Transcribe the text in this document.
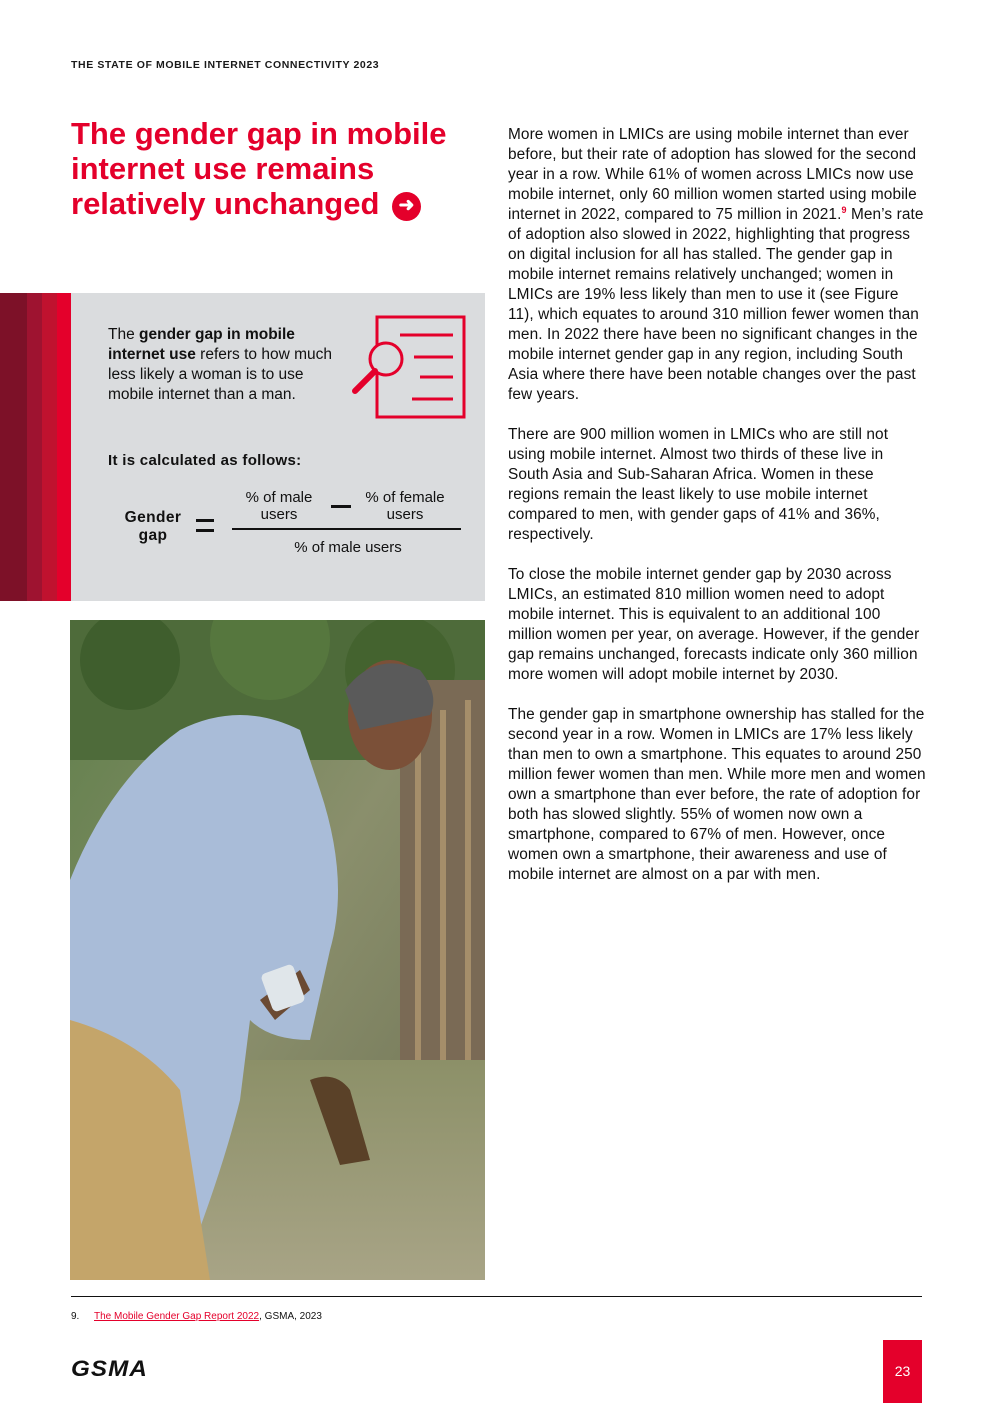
THE STATE OF MOBILE INTERNET CONNECTIVITY 2023
The gender gap in mobile internet use remains relatively unchanged ➜

The gender gap in mobile internet use refers to how much less likely a woman is to use mobile internet than a man.

It is calculated as follows:
Gender gap
% of male users
% of female users
% of male users

More women in LMICs are using mobile internet than ever before, but their rate of adoption has slowed for the second year in a row. While 61% of women across LMICs now use mobile internet, only 60 million women started using mobile internet in 2022, compared to 75 million in 2021.$^9$ Men’s rate of adoption also slowed in 2022, highlighting that progress on digital inclusion for all has stalled. The gender gap in mobile internet remains relatively unchanged; women in LMICs are 19% less likely than men to use it (see Figure 11), which equates to around 310 million fewer women than men. In 2022 there have been no significant changes in the mobile internet gender gap in any region, including South Asia where there have been notable changes over the past few years.

There are 900 million women in LMICs who are still not using mobile internet. Almost two thirds of these live in South Asia and Sub-Saharan Africa. Women in these regions remain the least likely to use mobile internet compared to men, with gender gaps of 41% and 36%, respectively.

To close the mobile internet gender gap by 2030 across LMICs, an estimated 810 million women need to adopt mobile internet. This is equivalent to an additional 100 million women per year, on average. However, if the gender gap remains unchanged, forecasts indicate only 360 million more women will adopt mobile internet by 2030.

The gender gap in smartphone ownership has stalled for the second year in a row. Women in LMICs are 17% less likely than men to own a smartphone. This equates to around 250 million fewer women than men. While more men and women own a smartphone than ever before, the rate of adoption for both has slowed slightly. 55% of women now own a smartphone, compared to 67% of men. However, once women own a smartphone, their awareness and use of mobile internet are almost on a par with men.

9. The Mobile Gender Gap Report 2022, GSMA, 2023
GSMA	23
